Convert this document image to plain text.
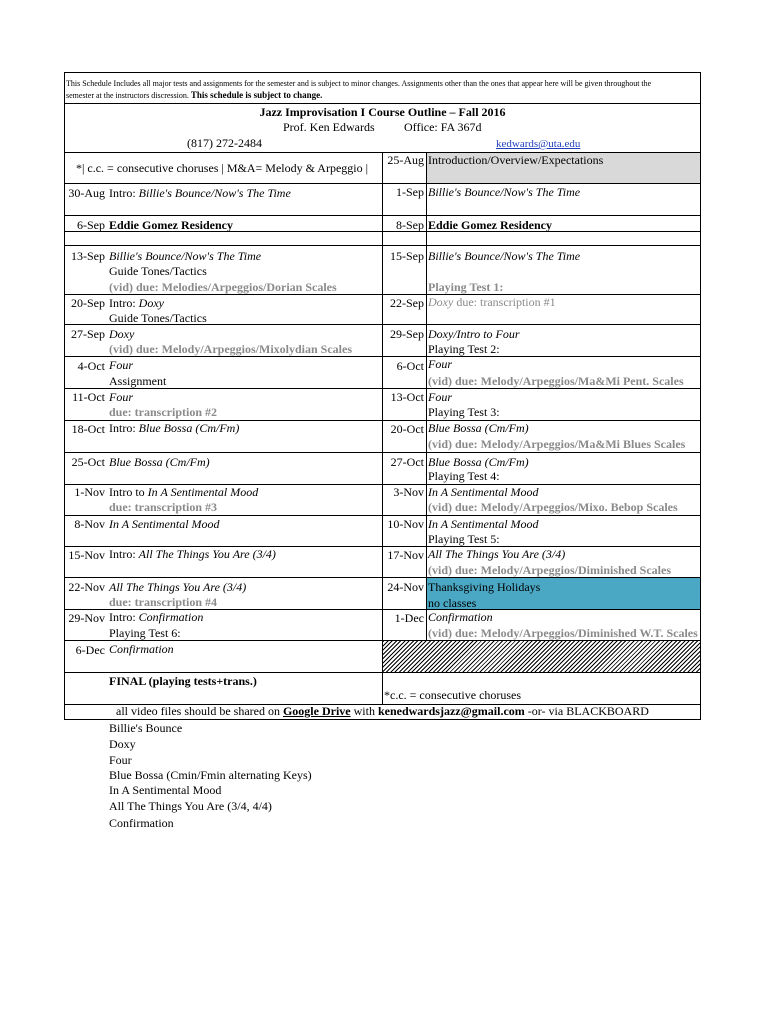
This Schedule Includes all major tests and assignments for the semester and is subject to minor changes. Assignments other than the ones that appear here will be given throughout the
semester at the instructors discression. This schedule is subject to change.
Jazz Improvisation I Course Outline – Fall 2016
Prof. Ken Edwards Office: FA 367d
(817) 272-2484	kedwards@uta.edu
*| c.c. = consecutive choruses | M&A= Melody & Arpeggio |
30-Aug Intro: Billie's Bounce/Now's The Time
6-Sep Eddie Gomez Residency
13-Sep Billie's Bounce/Now's The Time
Guide Tones/Tactics
(vid) due: Melodies/Arpeggios/Dorian Scales
20-Sep Intro: Doxy
Guide Tones/Tactics
27-Sep Doxy
(vid) due: Melody/Arpeggios/Mixolydian Scales
4-Oct Four
Assignment
11-Oct Four
due: transcription #2
18-Oct Intro: Blue Bossa (Cm/Fm)
25-Oct Blue Bossa (Cm/Fm)
1-Nov Intro to In A Sentimental Mood
due: transcription #3
8-Nov In A Sentimental Mood
15-Nov Intro: All The Things You Are (3/4)
22-Nov All The Things You Are (3/4)
due: transcription #4
29-Nov Intro: Confirmation
Playing Test 6:
6-Dec Confirmation
FINAL (playing tests+trans.)
25-Aug Introduction/Overview/Expectations
1-Sep Billie's Bounce/Now's The Time
8-Sep Eddie Gomez Residency
15-Sep Billie's Bounce/Now's The Time
Playing Test 1:
22-Sep Doxy due: transcription #1
29-Sep Doxy/Intro to Four
Playing Test 2:
6-Oct Four
(vid) due: Melody/Arpeggios/Ma&Mi Pent. Scales
13-Oct Four
Playing Test 3:
20-Oct Blue Bossa (Cm/Fm)
(vid) due: Melody/Arpeggios/Ma&Mi Blues Scales
27-Oct Blue Bossa (Cm/Fm)
Playing Test 4:
3-Nov In A Sentimental Mood
(vid) due: Melody/Arpeggios/Mixo. Bebop Scales
10-Nov In A Sentimental Mood
Playing Test 5:
17-Nov All The Things You Are (3/4)
(vid) due: Melody/Arpeggios/Diminished Scales
24-Nov Thanksgiving Holidays
no classes
1-Dec Confirmation
(vid) due: Melody/Arpeggios/Diminished W.T. Scales
*c.c. = consecutive choruses
all video files should be shared on Google Drive with kenedwardsjazz@gmail.com -or- via BLACKBOARD
Billie's Bounce
Doxy
Four
Blue Bossa (Cmin/Fmin alternating Keys)
In A Sentimental Mood
All The Things You Are (3/4, 4/4)
Confirmation
